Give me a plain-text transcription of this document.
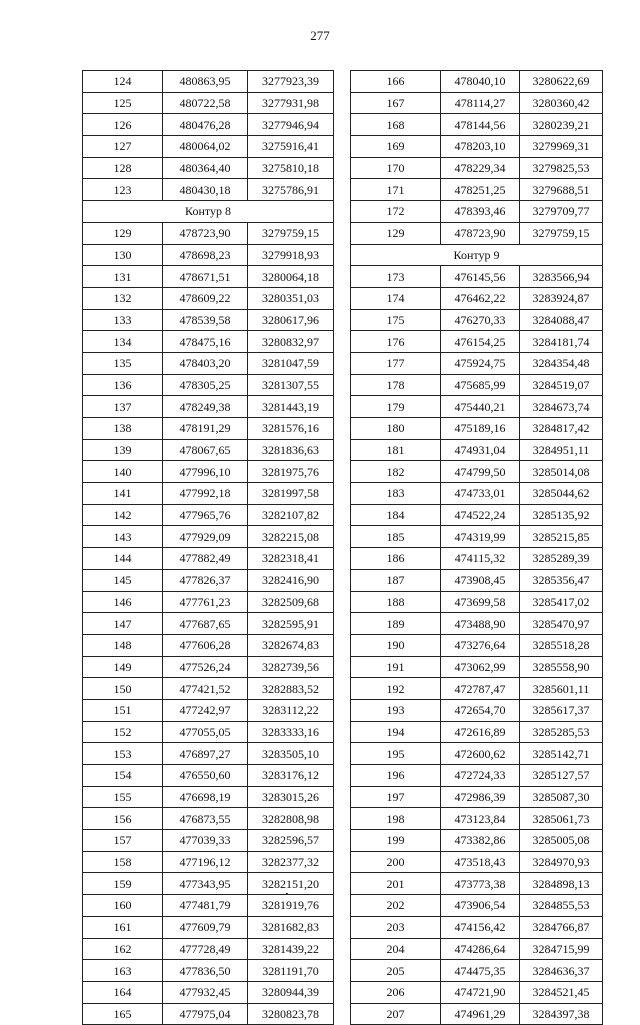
277
124	480863,95	3277923,39
125	480722,58	3277931,98
126	480476,28	3277946,94
127	480064,02	3275916,41
128	480364,40	3275810,18
123	480430,18	3275786,91
Контур 8		
129	478723,90	3279759,15
130	478698,23	3279918,93
131	478671,51	3280064,18
132	478609,22	3280351,03
133	478539,58	3280617,96
134	478475,16	3280832,97
135	478403,20	3281047,59
136	478305,25	3281307,55
137	478249,38	3281443,19
138	478191,29	3281576,16
139	478067,65	3281836,63
140	477996,10	3281975,76
141	477992,18	3281997,58
142	477965,76	3282107,82
143	477929,09	3282215,08
144	477882,49	3282318,41
145	477826,37	3282416,90
146	477761,23	3282509,68
147	477687,65	3282595,91
148	477606,28	3282674,83
149	477526,24	3282739,56
150	477421,52	3282883,52
151	477242,97	3283112,22
152	477055,05	3283333,16
153	476897,27	3283505,10
154	476550,60	3283176,12
155	476698,19	3283015,26
156	476873,55	3282808,98
157	477039,33	3282596,57
158	477196,12	3282377,32
159	477343,95	3282151,20
160	477481,79	3281919,76
161	477609,79	3281682,83
162	477728,49	3281439,22
163	477836,50	3281191,70
164	477932,45	3280944,39
165	477975,04	3280823,78
166	478040,10	3280622,69
167	478114,27	3280360,42
168	478144,56	3280239,21
169	478203,10	3279969,31
170	478229,34	3279825,53
171	478251,25	3279688,51
172	478393,46	3279709,77
129	478723,90	3279759,15
Контур 9		
173	476145,56	3283566,94
174	476462,22	3283924,87
175	476270,33	3284088,47
176	476154,25	3284181,74
177	475924,75	3284354,48
178	475685,99	3284519,07
179	475440,21	3284673,74
180	475189,16	3284817,42
181	474931,04	3284951,11
182	474799,50	3285014,08
183	474733,01	3285044,62
184	474522,24	3285135,92
185	474319,99	3285215,85
186	474115,32	3285289,39
187	473908,45	3285356,47
188	473699,58	3285417,02
189	473488,90	3285470,97
190	473276,64	3285518,28
191	473062,99	3285558,90
192	472787,47	3285601,11
193	472654,70	3285617,37
194	472616,89	3285285,53
195	472600,62	3285142,71
196	472724,33	3285127,57
197	472986,39	3285087,30
198	473123,84	3285061,73
199	473382,86	3285005,08
200	473518,43	3284970,93
201	473773,38	3284898,13
202	473906,54	3284855,53
203	474156,42	3284766,87
204	474286,64	3284715,99
205	474475,35	3284636,37
206	474721,90	3284521,45
207	474961,29	3284397,38
